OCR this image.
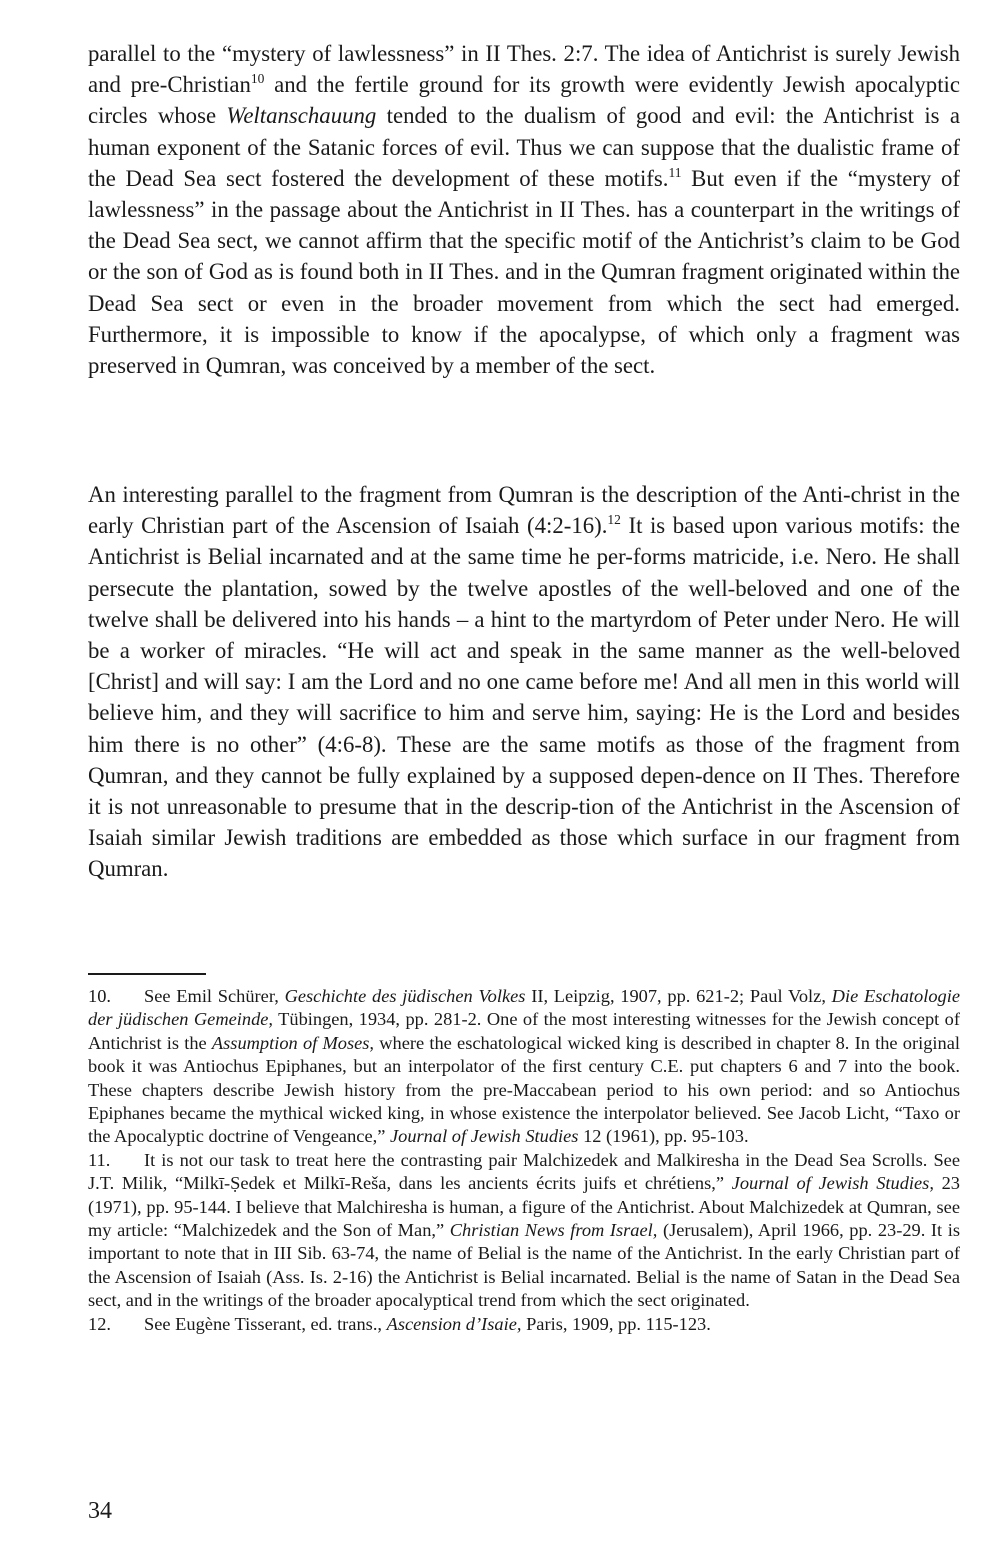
parallel to the “mystery of lawlessness” in II Thes. 2:7. The idea of Antichrist is surely Jewish and pre-Christian$^{10}$ and the fertile ground for its growth were evidently Jewish apocalyptic circles whose Weltanschauung tended to the dualism of good and evil: the Antichrist is a human exponent of the Satanic forces of evil. Thus we can suppose that the dualistic frame of the Dead Sea sect fostered the development of these motifs.$^{11}$ But even if the “mystery of lawlessness” in the passage about the Antichrist in II Thes. has a counterpart in the writings of the Dead Sea sect, we cannot affirm that the specific motif of the Antichrist’s claim to be God or the son of God as is found both in II Thes. and in the Qumran fragment originated within the Dead Sea sect or even in the broader movement from which the sect had emerged. Furthermore, it is impossible to know if the apocalypse, of which only a fragment was preserved in Qumran, was conceived by a member of the sect.

An interesting parallel to the fragment from Qumran is the description of the Anti-christ in the early Christian part of the Ascension of Isaiah (4:2-16).$^{12}$ It is based upon various motifs: the Antichrist is Belial incarnated and at the same time he per-forms matricide, i.e. Nero. He shall persecute the plantation, sowed by the twelve apostles of the well-beloved and one of the twelve shall be delivered into his hands – a hint to the martyrdom of Peter under Nero. He will be a worker of miracles. “He will act and speak in the same manner as the well-beloved [Christ] and will say: I am the Lord and no one came before me! And all men in this world will believe him, and they will sacrifice to him and serve him, saying: He is the Lord and besides him there is no other” (4:6-8). These are the same motifs as those of the fragment from Qumran, and they cannot be fully explained by a supposed depen-dence on II Thes. Therefore it is not unreasonable to presume that in the descrip-tion of the Antichrist in the Ascension of Isaiah similar Jewish traditions are embedded as those which surface in our fragment from Qumran.

10. See Emil Schürer, Geschichte des jüdischen Volkes II, Leipzig, 1907, pp. 621-2; Paul Volz, Die Eschatologie der jüdischen Gemeinde, Tübingen, 1934, pp. 281-2. One of the most interesting witnesses for the Jewish concept of Antichrist is the Assumption of Moses, where the eschatological wicked king is described in chapter 8. In the original book it was Antiochus Epiphanes, but an interpolator of the first century C.E. put chapters 6 and 7 into the book. These chapters describe Jewish history from the pre-Maccabean period to his own period: and so Antiochus Epiphanes became the mythical wicked king, in whose existence the interpolator believed. See Jacob Licht, “Taxo or the Apocalyptic doctrine of Vengeance,” Journal of Jewish Studies 12 (1961), pp. 95-103.

11. It is not our task to treat here the contrasting pair Malchizedek and Malkiresha in the Dead Sea Scrolls. See J.T. Milik, “Milkī-Ṣedek et Milkī-Reša, dans les ancients écrits juifs et chrétiens,” Journal of Jewish Studies, 23 (1971), pp. 95-144. I believe that Malchiresha is human, a figure of the Antichrist. About Malchizedek at Qumran, see my article: “Malchizedek and the Son of Man,” Christian News from Israel, (Jerusalem), April 1966, pp. 23-29. It is important to note that in III Sib. 63-74, the name of Belial is the name of the Antichrist. In the early Christian part of the Ascension of Isaiah (Ass. Is. 2-16) the Antichrist is Belial incarnated. Belial is the name of Satan in the Dead Sea sect, and in the writings of the broader apocalyptical trend from which the sect originated.

12. See Eugène Tisserant, ed. trans., Ascension d’Isaie, Paris, 1909, pp. 115-123.

34
